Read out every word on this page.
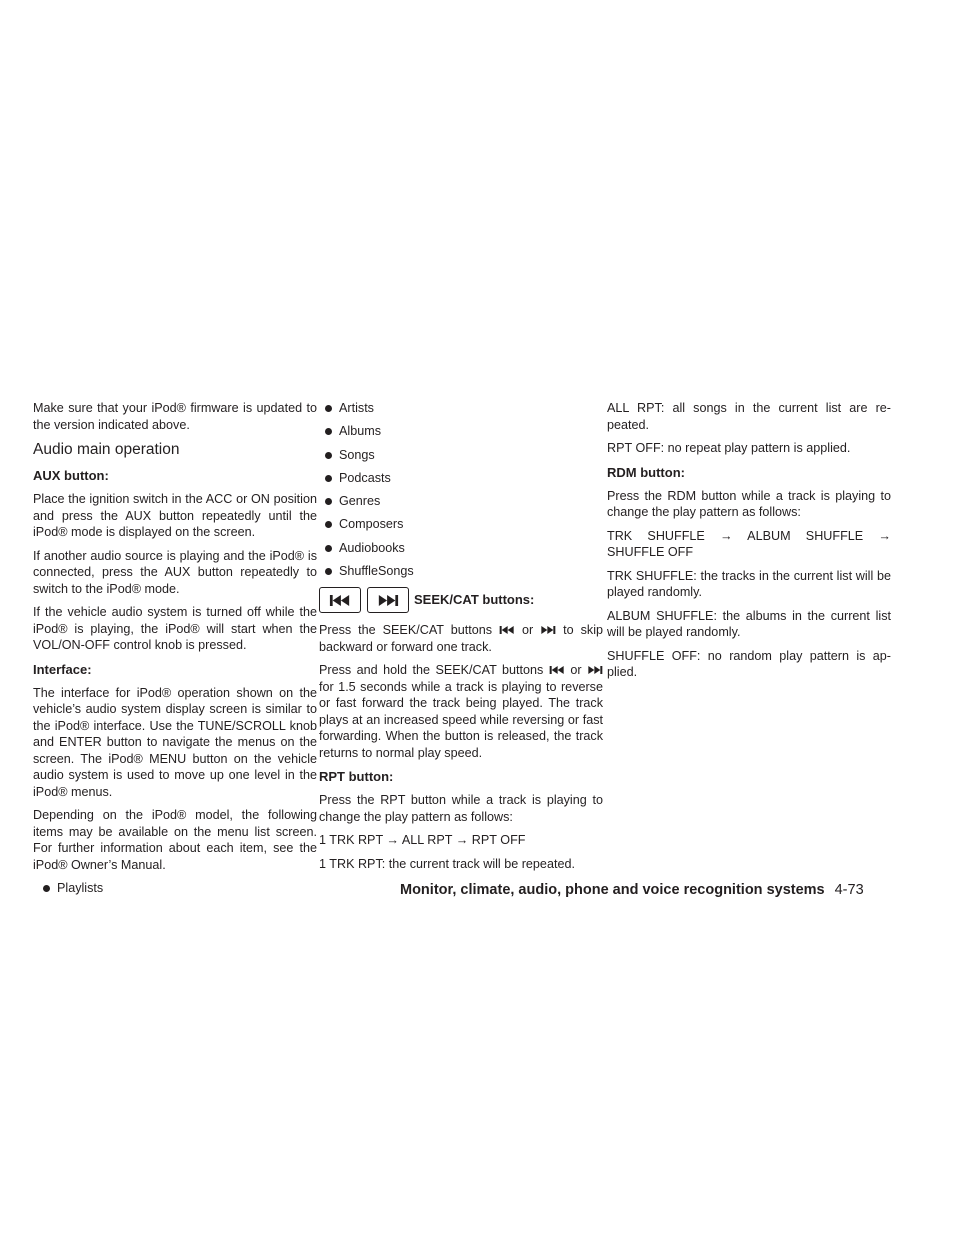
Make sure that your iPod® firmware is updated to the version indicated above.

Audio main operation
AUX button:

Place the ignition switch in the ACC or ON position and press the AUX button repeatedly until the iPod® mode is displayed on the screen.

If another audio source is playing and the iPod® is connected, press the AUX button repeatedly to switch to the iPod® mode.

If the vehicle audio system is turned off while the iPod® is playing, the iPod® will start when the VOL/ON-OFF control knob is pressed.

Interface:

The interface for iPod® operation shown on the vehicle’s audio system display screen is similar to the iPod® interface. Use the TUNE/SCROLL knob and ENTER button to navigate the menus on the screen. The iPod® MENU button on the vehicle audio system is used to move up one level in the iPod® menus.

Depending on the iPod® model, the following items may be available on the menu list screen. For further information about each item, see the iPod® Owner’s Manual.

Playlists
Artists
Albums
Songs
Podcasts
Genres
Composers
Audiobooks
ShuffleSongs
SEEK/CAT buttons:

Press the SEEK/CAT buttons or to skip backward or forward one track.

Press and hold the SEEK/CAT buttons or  for 1.5 seconds while a track is playing to reverse or fast forward the track being played. The track plays at an increased speed while reversing or fast forwarding. When the button is released, the track returns to normal play speed.

RPT button:

Press the RPT button while a track is playing to change the play pattern as follows:

1 TRK RPT → ALL RPT → RPT OFF

1 TRK RPT: the current track will be repeated.

ALL RPT: all songs in the current list are re-peated.

RPT OFF: no repeat play pattern is applied.

RDM button:

Press the RDM button while a track is playing to change the play pattern as follows:

TRK SHUFFLE → ALBUM SHUFFLE → SHUFFLE OFF

TRK SHUFFLE: the tracks in the current list will be played randomly.

ALBUM SHUFFLE: the albums in the current list will be played randomly.

SHUFFLE OFF: no random play pattern is ap-plied.

Monitor, climate, audio, phone and voice recognition systems 4-73
